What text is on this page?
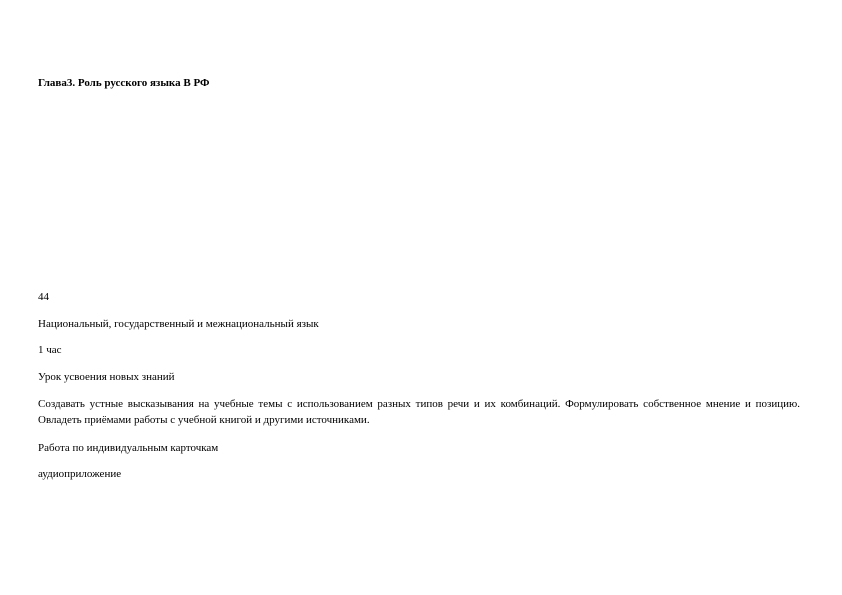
Глава3. Роль русского языка В РФ
44
Национальный, государственный и межнациональный язык
1 час
Урок усвоения новых знаний
Создавать устные высказывания на учебные темы с использованием разных типов речи и их комбинаций. Формулировать собственное мнение и позицию. Овладеть приёмами работы с учебной книгой и другими источниками.
Работа по индивидуальным карточкам
аудиоприложение
